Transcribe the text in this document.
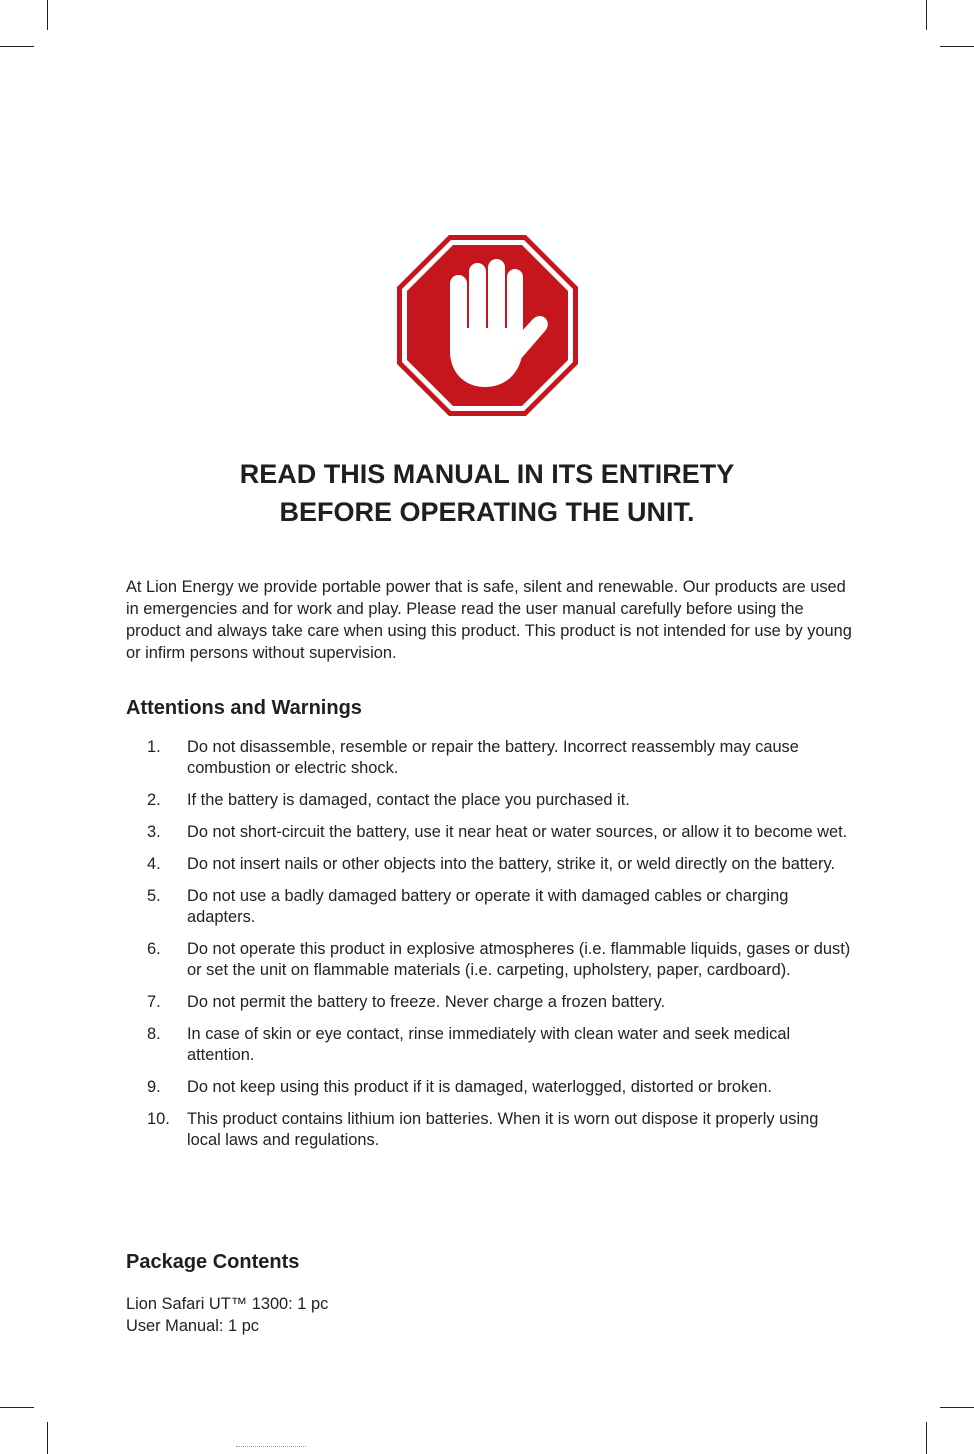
READ THIS MANUAL IN ITS ENTIRETY
BEFORE OPERATING THE UNIT.

At Lion Energy we provide portable power that is safe, silent and renewable. Our products are used in emergencies and for work and play. Please read the user manual carefully before using the product and always take care when using this product. This product is not intended for use by young or infirm persons without supervision.

Attentions and Warnings
1.	Do not disassemble, resemble or repair the battery. Incorrect reassembly may cause combustion or electric shock.
2.	If the battery is damaged, contact the place you purchased it.
3.	Do not short-circuit the battery, use it near heat or water sources, or allow it to become wet.
4.	Do not insert nails or other objects into the battery, strike it, or weld directly on the battery.
5.	Do not use a badly damaged battery or operate it with damaged cables or charging adapters.
6.	Do not operate this product in explosive atmospheres (i.e. flammable liquids, gases or dust) or set the unit on flammable materials (i.e. carpeting, upholstery, paper, cardboard).
7.	Do not permit the battery to freeze. Never charge a frozen battery.
8.	In case of skin or eye contact, rinse immediately with clean water and seek medical attention.
9.	Do not keep using this product if it is damaged, waterlogged, distorted or broken.
10.	This product contains lithium ion batteries. When it is worn out dispose it properly using local laws and regulations.
Package Contents
Lion Safari UT™ 1300: 1 pc
User Manual: 1 pc
